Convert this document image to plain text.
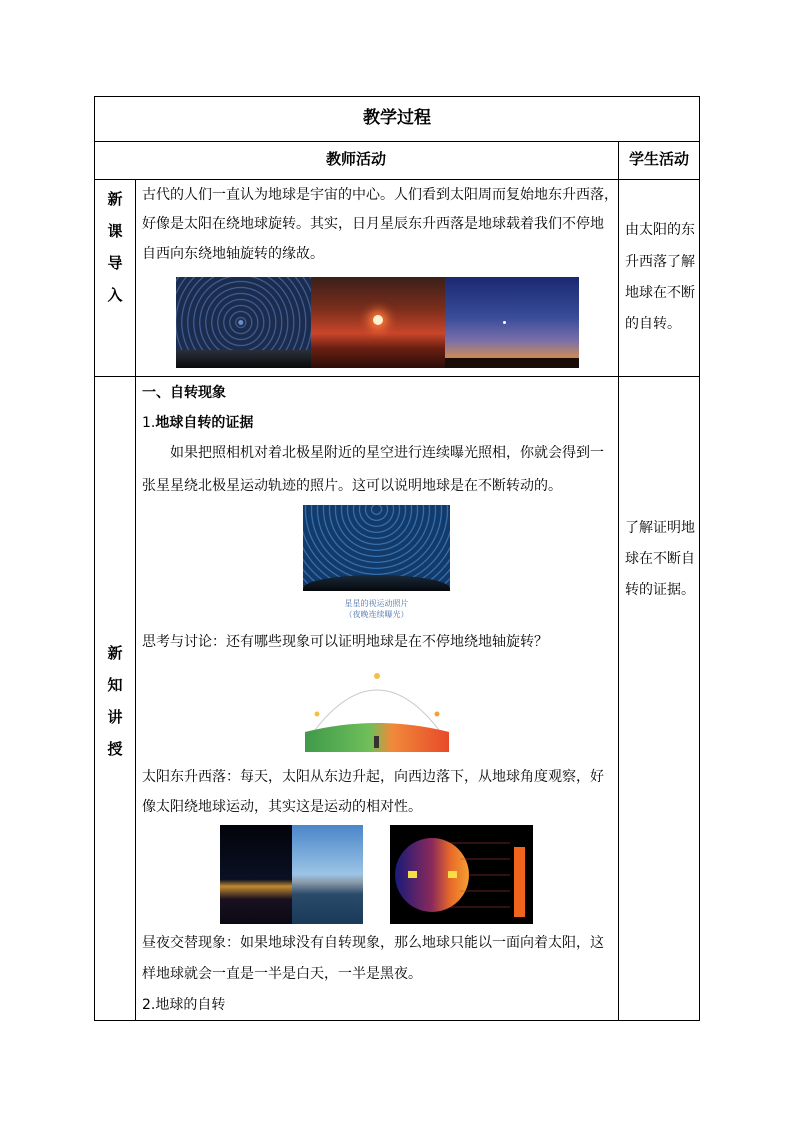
教学过程
教师活动	学生活动
新
课
导
入
古代的人们一直认为地球是宇宙的中心。人们看到太阳周而复始地东升西落，
好像是太阳在绕地球旋转。其实，日月星辰东升西落是地球载着我们不停地
自西向东绕地轴旋转的缘故。
由太阳的东
升西落了解
地球在不断
的自转。
新
知
讲
授
一、自转现象
1.地球自转的证据
如果把照相机对着北极星附近的星空进行连续曝光照相，你就会得到一
张星星绕北极星运动轨迹的照片。这可以说明地球是在不断转动的。
星星的视运动照片
（夜晚连续曝光）
思考与讨论：还有哪些现象可以证明地球是在不停地绕地轴旋转？
太阳东升西落：每天，太阳从东边升起，向西边落下，从地球角度观察，好
像太阳绕地球运动，其实这是运动的相对性。
昼夜交替现象：如果地球没有自转现象，那么地球只能以一面向着太阳，这
样地球就会一直是一半是白天，一半是黑夜。
2.地球的自转
了解证明地
球在不断自
转的证据。
